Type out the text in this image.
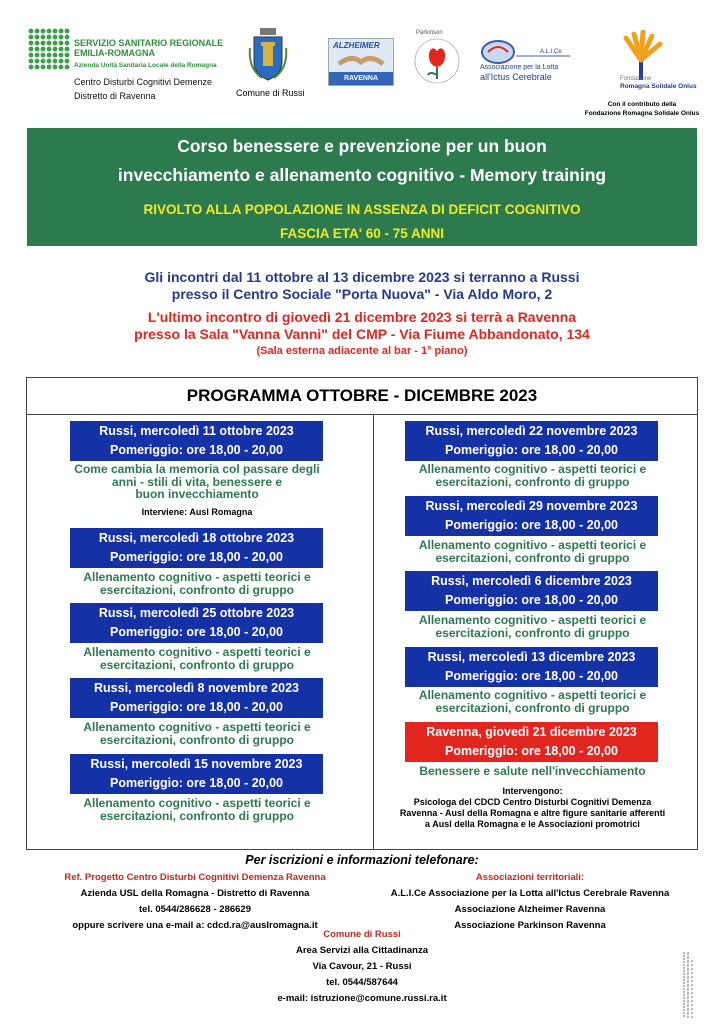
SERVIZIO SANITARIO REGIONALE
EMILIA-ROMAGNA
Azienda Unità Sanitaria Locale della Romagna
Centro Disturbi Cognitivi Demenze
Distretto di Ravenna	Comune di Russi
ALZHEIMER
RAVENNA
Parkinson
A.L.I.Ce
Associazione per la Lotta
all'Ictus Cerebrale	Fondazione
Romagna Solidale Onlus
Con il contributo della
Fondazione Romagna Solidale Onlus
Corso benessere e prevenzione per un buon
invecchiamento e allenamento cognitivo - Memory training
RIVOLTO ALLA POPOLAZIONE IN ASSENZA DI DEFICIT COGNITIVO
FASCIA ETA' 60 - 75 ANNI
Gli incontri dal 11 ottobre al 13 dicembre 2023 si terranno a Russi
presso il Centro Sociale "Porta Nuova" - Via Aldo Moro, 2
L'ultimo incontro di giovedì 21 dicembre 2023 si terrà a Ravenna
presso la Sala "Vanna Vanni" del CMP - Via Fiume Abbandonato, 134
(Sala esterna adiacente al bar - 1° piano)
PROGRAMMA OTTOBRE - DICEMBRE 2023
Russi, mercoledì 11 ottobre 2023
Pomeriggio: ore 18,00 - 20,00
Come cambia la memoria col passare degli
anni - stili di vita, benessere e
buon invecchiamento
Interviene: Ausl Romagna
Russi, mercoledì 18 ottobre 2023
Pomeriggio: ore 18,00 - 20,00
Allenamento cognitivo - aspetti teorici e
esercitazioni, confronto di gruppo
Russi, mercoledì 25 ottobre 2023
Pomeriggio: ore 18,00 - 20,00
Allenamento cognitivo - aspetti teorici e
esercitazioni, confronto di gruppo
Russi, mercoledì 8 novembre 2023
Pomeriggio: ore 18,00 - 20,00
Allenamento cognitivo - aspetti teorici e
esercitazioni, confronto di gruppo
Russi, mercoledì 15 novembre 2023
Pomeriggio: ore 18,00 - 20,00
Allenamento cognitivo - aspetti teorici e
esercitazioni, confronto di gruppo
Russi, mercoledì 22 novembre 2023
Pomeriggio: ore 18,00 - 20,00
Allenamento cognitivo - aspetti teorici e
esercitazioni, confronto di gruppo
Russi, mercoledì 29 novembre 2023
Pomeriggio: ore 18,00 - 20,00
Allenamento cognitivo - aspetti teorici e
esercitazioni, confronto di gruppo
Russi, mercoledì 6 dicembre 2023
Pomeriggio: ore 18,00 - 20,00
Allenamento cognitivo - aspetti teorici e
esercitazioni, confronto di gruppo
Russi, mercoledì 13 dicembre 2023
Pomeriggio: ore 18,00 - 20,00
Allenamento cognitivo - aspetti teorici e
esercitazioni, confronto di gruppo
Ravenna, giovedì 21 dicembre 2023
Pomeriggio: ore 18,00 - 20,00
Benessere e salute nell'invecchiamento
Intervengono:
Psicologa del CDCD Centro Disturbi Cognitivi Demenza
Ravenna - Ausl della Romagna e altre figure sanitarie afferenti
a Ausl della Romagna e le Associazioni promotrici
Per iscrizioni e informazioni telefonare:
Ref. Progetto Centro Disturbi Cognitivi Demenza Ravenna
Azienda USL della Romagna - Distretto di Ravenna
tel. 0544/286628 - 286629
oppure scrivere una e-mail a: cdcd.ra@auslromagna.it
Associazioni territoriali:
A.L.I.Ce Associazione per la Lotta all'Ictus Cerebrale Ravenna
Associazione Alzheimer Ravenna
Associazione Parkinson Ravenna
Comune di Russi
Area Servizi alla Cittadinanza
Via Cavour, 21 - Russi
tel. 0544/587644
e-mail: istruzione@comune.russi.ra.it
